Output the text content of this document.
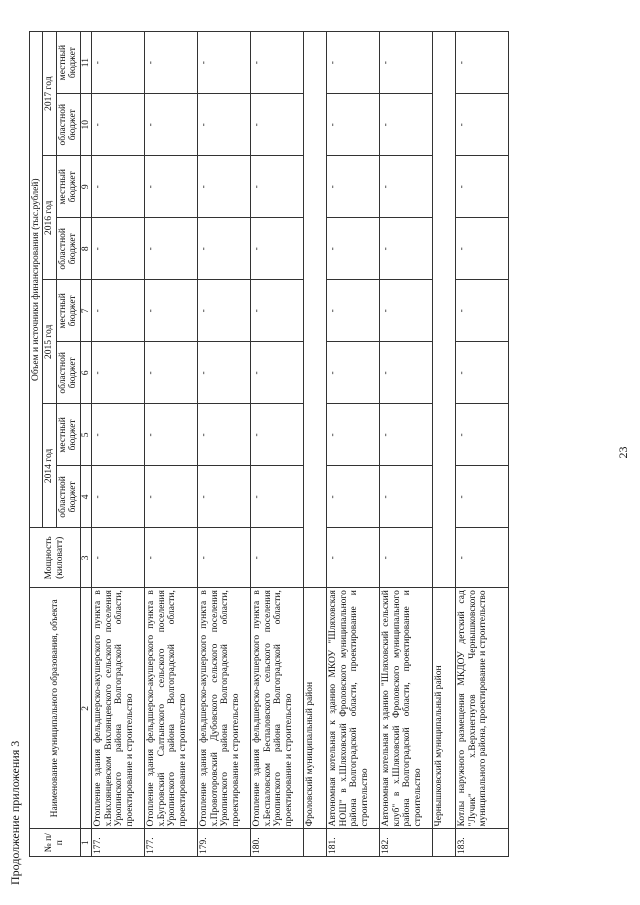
Продолжение приложения 3 № п/п	Наименование муниципального образования, объекта	Мощность (киловатт)	Объем и источники финансирования (тыс.рублей)							
			2014 год		2015 год		2016 год		2017 год	
			областной бюджет	местный бюджет	областной бюджет	местный бюджет	областной бюджет	местный бюджет	областной бюджет	местный бюджет
1	2	3	4	5	6	7	8	9	10	11
177.	Отопление здания фельдшерско-акушерского пункта в х.Вихлянцевском Вихлянцевского сельского поселения Урюпинского района Волгоградской области, проектирование и строительство	-	-	-	-	-	-	-	-	-
177.	Отопление здания фельдшерско-акушерского пункта в х.Бугровский Салтынского сельского поселения Урюпинского района Волгоградской области, проектирование и строительство	-	-	-	-	-	-	-	-	-
179.	Отопление здания фельдшерско-акушерского пункта в х.Провоторовский Дубовского сельского поселения Урюпинского района Волгоградской области, проектирование и строительство	-	-	-	-	-	-	-	-	-
180.	Отопление здания фельдшерско-акушерского пункта в х.Беспаловском Беспаловского сельского поселения Урюпинского района Волгоградской области, проектирование и строительство	-	-	-	-	-	-	-	-	-
	Фроловский муниципальный район									
181.	Автономная котельная к зданию МКОУ "Шляховская НОШ" в х.Шляховский Фроловского муниципального района Волгоградской области, проектирование и строительство	-	-	-	-	-	-	-	-	-
182.	Автономная котельная к зданию "Шляховский сельский клуб" в х.Шляховский Фроловского муниципального района Волгоградской области, проектирование и строительство	-	-	-	-	-	-	-	-	-
	Чернышковский муниципальный район									
183.	Котлы наружного размещения МКДОУ детский сад "Лучик" х.Верхнегнутов Чернышковского муниципального района, проектирование и строительство	-	-	-	-	-	-	-	-	-
23
